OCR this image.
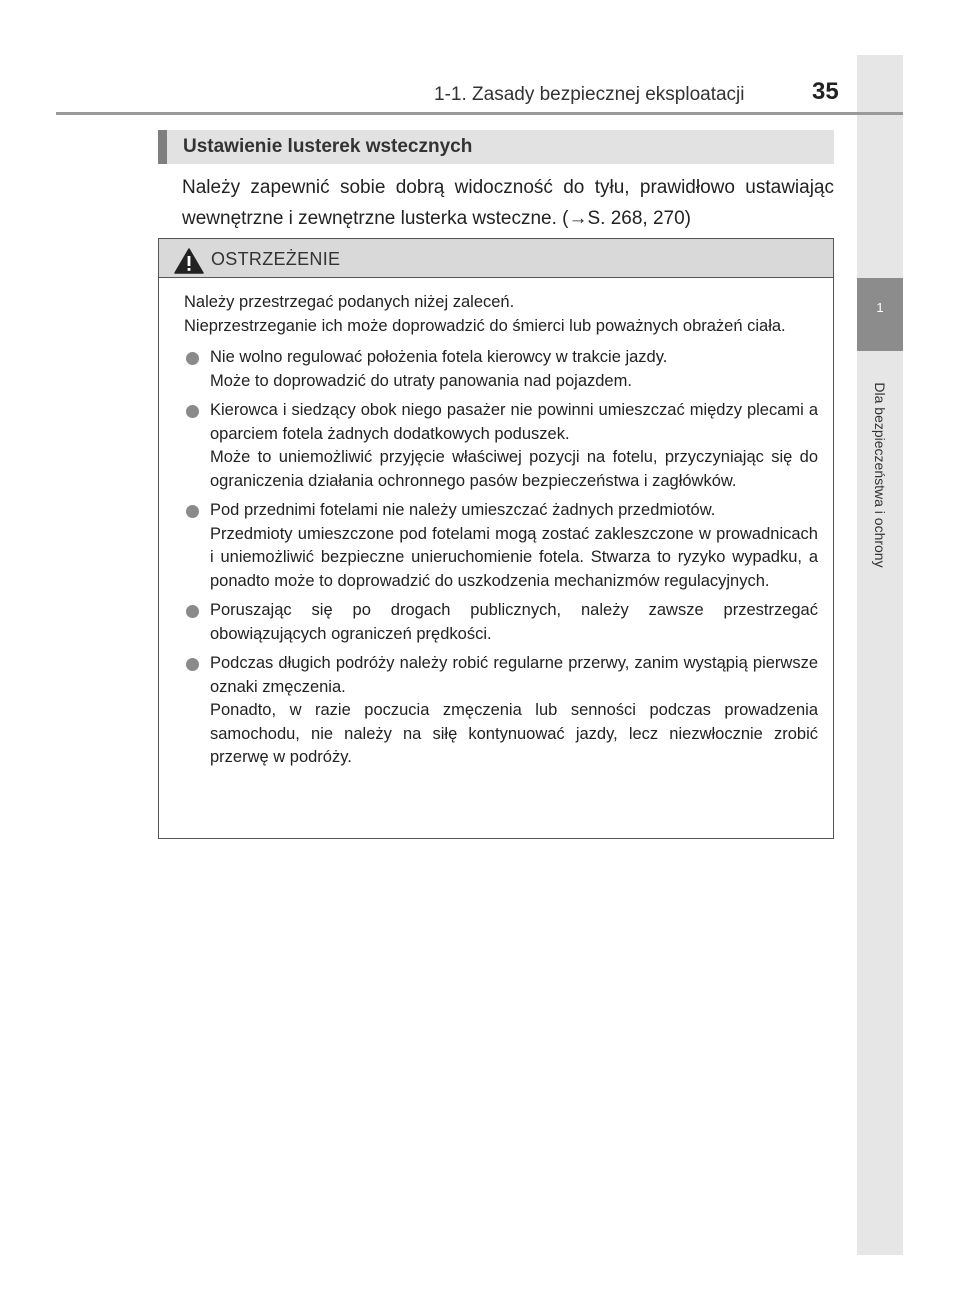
1
Dla bezpieczeństwa i ochrony
1-1. Zasady bezpiecznej eksploatacji	35
Ustawienie lusterek wstecznych
Należy zapewnić sobie dobrą widoczność do tyłu, prawidłowo ustawiając wewnętrzne i zewnętrzne lusterka wsteczne. (→S. 268, 270)
OSTRZEŻENIE

Należy przestrzegać podanych niżej zaleceń.
Nieprzestrzeganie ich może doprowadzić do śmierci lub poważnych obrażeń ciała.

Nie wolno regulować położenia fotela kierowcy w trakcie jazdy.

Może to doprowadzić do utraty panowania nad pojazdem.

Kierowca i siedzący obok niego pasażer nie powinni umieszczać między plecami a oparciem fotela żadnych dodatkowych poduszek.

Może to uniemożliwić przyjęcie właściwej pozycji na fotelu, przyczyniając się do ograniczenia działania ochronnego pasów bezpieczeństwa i zagłówków.

Pod przednimi fotelami nie należy umieszczać żadnych przedmiotów.

Przedmioty umieszczone pod fotelami mogą zostać zakleszczone w prowadnicach i uniemożliwić bezpieczne unieruchomienie fotela. Stwarza to ryzyko wypadku, a ponadto może to doprowadzić do uszkodzenia mechanizmów regulacyjnych.

Poruszając się po drogach publicznych, należy zawsze przestrzegać obowiązujących ograniczeń prędkości.

Podczas długich podróży należy robić regularne przerwy, zanim wystąpią pierwsze oznaki zmęczenia.

Ponadto, w razie poczucia zmęczenia lub senności podczas prowadzenia samochodu, nie należy na siłę kontynuować jazdy, lecz niezwłocznie zrobić przerwę w podróży.
